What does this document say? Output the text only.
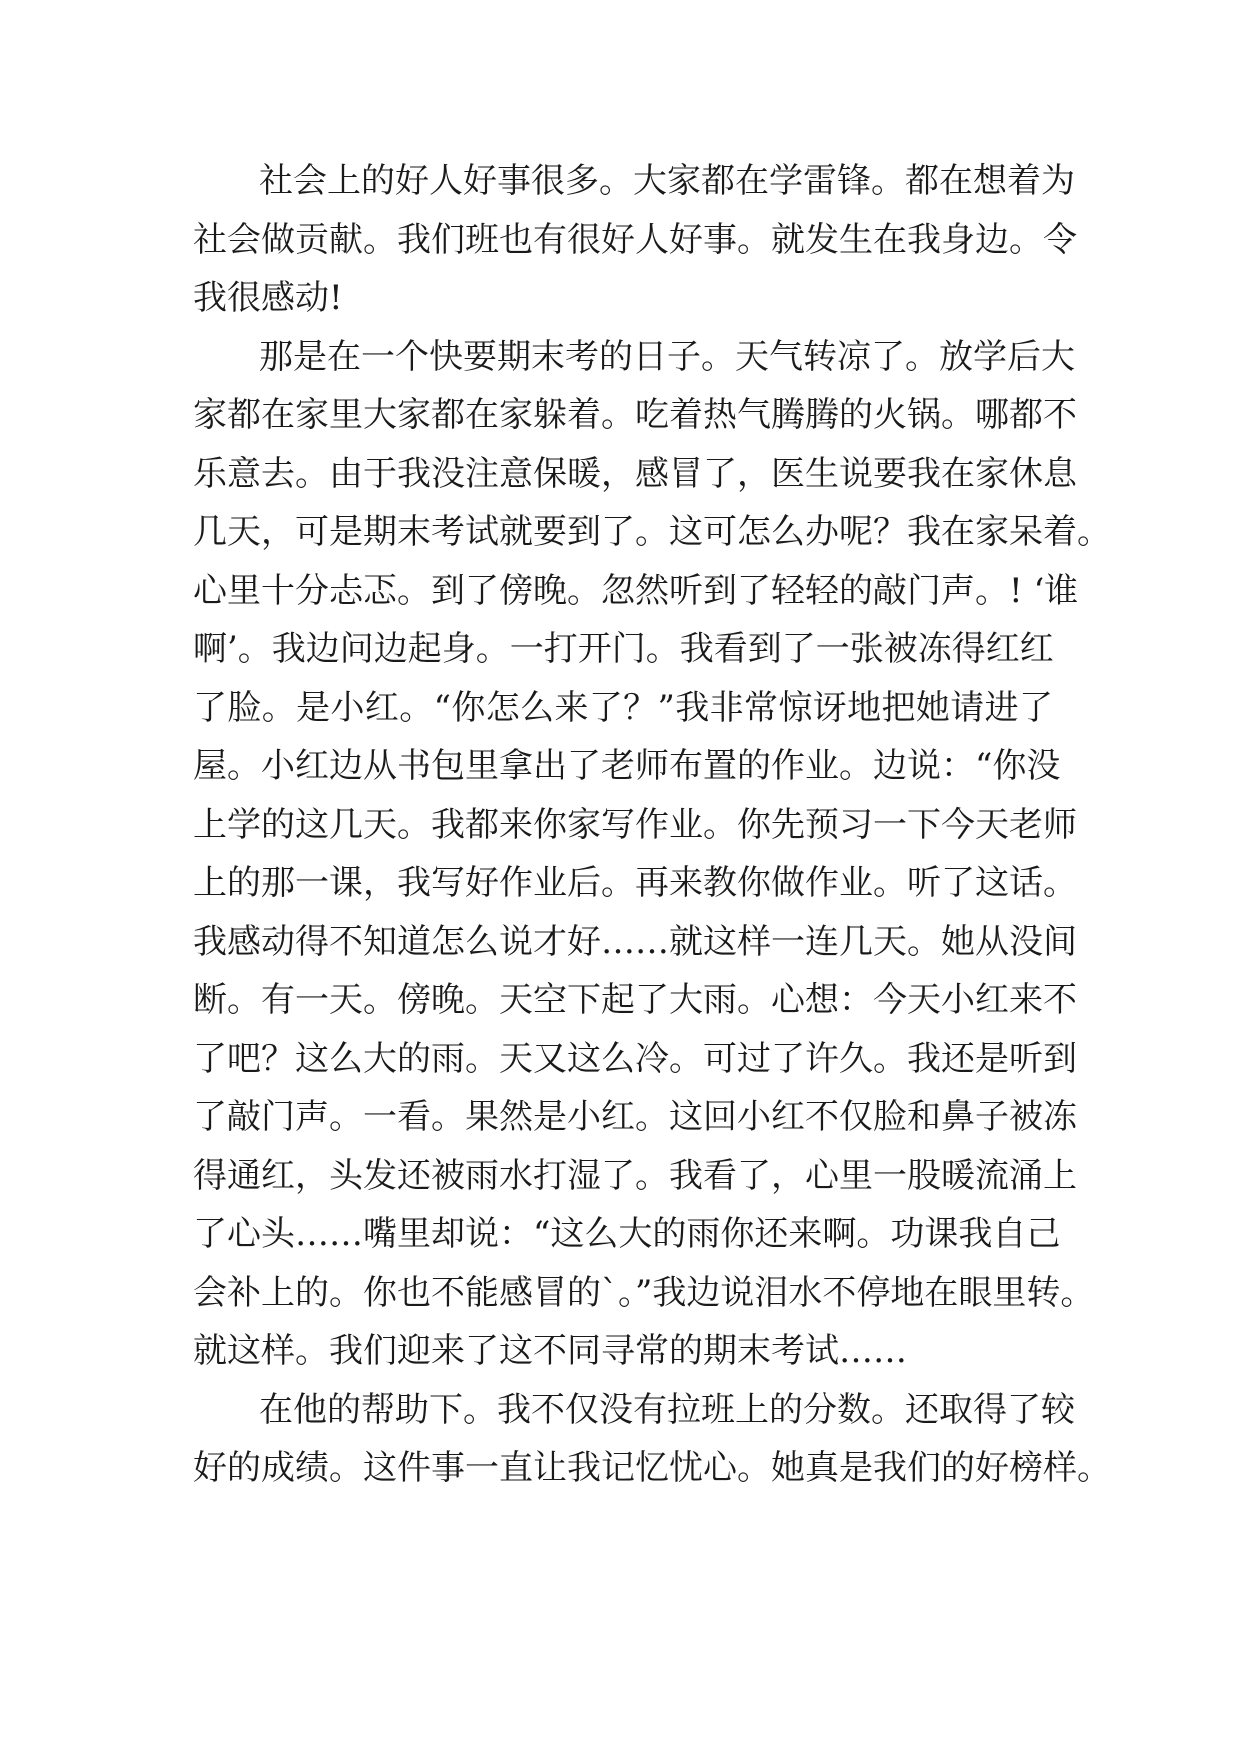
社会上的好人好事很多。大家都在学雷锋。都在想着为
社会做贡献。我们班也有很好人好事。就发生在我身边。令
我很感动!
那是在一个快要期末考的日子。天气转凉了。放学后大
家都在家里大家都在家躲着。吃着热气腾腾的火锅。哪都不
乐意去。由于我没注意保暖，感冒了，医生说要我在家休息
几天，可是期末考试就要到了。这可怎么办呢？我在家呆着。
心里十分忐忑。到了傍晚。忽然听到了轻轻的敲门声。! ‘谁
啊’。我边问边起身。一打开门。我看到了一张被冻得红红
了脸。是小红。“你怎么来了？”我非常惊讶地把她请进了
屋。小红边从书包里拿出了老师布置的作业。边说：“你没
上学的这几天。我都来你家写作业。你先预习一下今天老师
上的那一课，我写好作业后。再来教你做作业。听了这话。
我感动得不知道怎么说才好……就这样一连几天。她从没间
断。有一天。傍晚。天空下起了大雨。心想：今天小红来不
了吧？这么大的雨。天又这么冷。可过了许久。我还是听到
了敲门声。一看。果然是小红。这回小红不仅脸和鼻子被冻
得通红，头发还被雨水打湿了。我看了，心里一股暖流涌上
了心头……嘴里却说：“这么大的雨你还来啊。功课我自己
会补上的。你也不能感冒的`。”我边说泪水不停地在眼里转。
就这样。我们迎来了这不同寻常的期末考试……
在他的帮助下。我不仅没有拉班上的分数。还取得了较
好的成绩。这件事一直让我记忆忧心。她真是我们的好榜样。
